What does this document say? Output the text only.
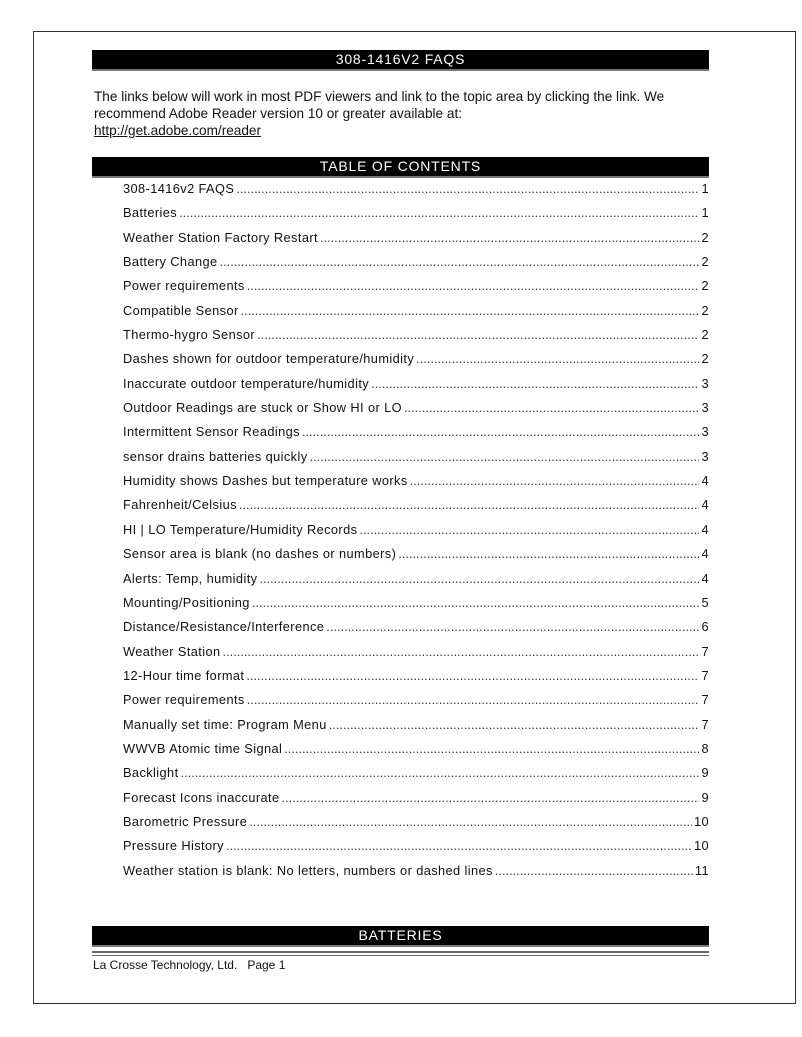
308-1416V2 FAQS
The links below will work in most PDF viewers and link to the topic area by clicking the link. We recommend Adobe Reader version 10 or greater available at:
http://get.adobe.com/reader
TABLE OF CONTENTS
308-1416v2 FAQS .....	1
Batteries .....	1
Weather Station Factory Restart .....	2
Battery Change .....	2
Power requirements .....	2
Compatible Sensor .....	2
Thermo-hygro Sensor .....	2
Dashes shown for outdoor temperature/humidity .....	2
Inaccurate outdoor temperature/humidity .....	3
Outdoor Readings are stuck or Show HI or LO .....	3
Intermittent Sensor Readings .....	3
sensor drains batteries quickly .....	3
Humidity shows Dashes but temperature works .....	4
Fahrenheit/Celsius .....	4
HI | LO Temperature/Humidity Records .....	4
Sensor area is blank (no dashes or numbers) .....	4
Alerts: Temp, humidity .....	4
Mounting/Positioning .....	5
Distance/Resistance/Interference .....	6
Weather Station .....	7
12-Hour time format .....	7
Power requirements .....	7
Manually set time: Program Menu .....	7
WWVB Atomic time Signal .....	8
Backlight .....	9
Forecast Icons inaccurate .....	9
Barometric Pressure .....	10
Pressure History .....	10
Weather station is blank: No letters, numbers or dashed lines .....	11
BATTERIES
La Crosse Technology, Ltd. Page 1
